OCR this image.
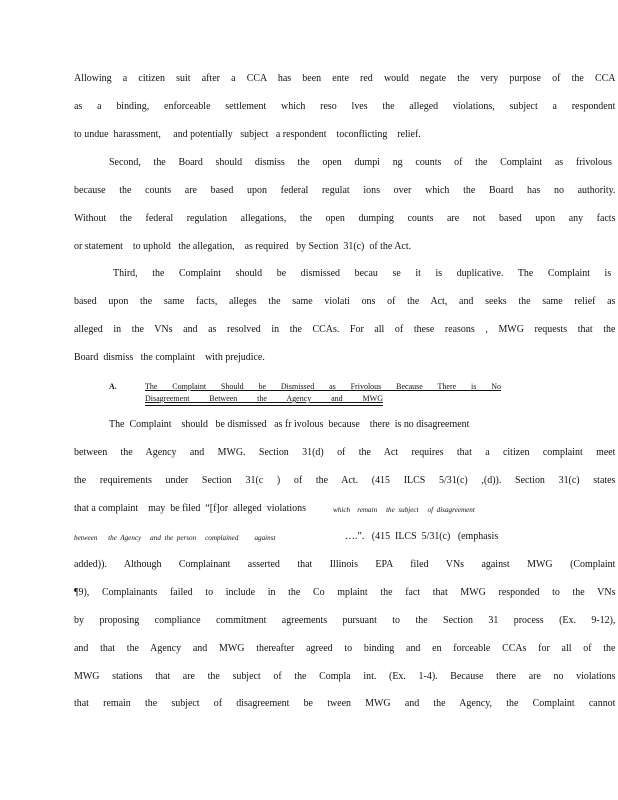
Allowing a citizen suit after a CCA has been ente red would negate the very purpose of the CCA
as a binding, enforceable settlement which reso lves the alleged violations, subject a respondent
to undue  harassment,     and potentially   subject   a respondent    toconflicting    relief.
Second, the Board should dismiss the open dumpi ng counts of the Complaint as frivolous
because the counts are based upon federal regulat ions over which the Board has no authority.
Without the federal regulation allegations, the open dumping counts are not based upon any facts
or statement    to uphold   the allegation,    as required   by Section  31(c)  of the Act.
Third, the Complaint should be dismissed becau se it is duplicative. The Complaint is
based upon the same facts, alleges the same violati ons of the Act, and seeks the same relief as
alleged in the VNs and as resolved in the CCAs. For all of these reasons , MWG requests that the
Board  dismiss   the complaint    with prejudice.
A.	The Complaint Should be Dismissed as Frivolous Because There is No
Disagreement Between the Agency and MWG
The  Complaint    should   be dismissed   as fr ivolous  because    there  is no disagreement
between the Agency and MWG. Section 31(d) of the Act requires that a citizen complaint meet
the requirements under Section 31(c ) of the Act. (415 ILCS 5/31(c) ,(d)). Section 31(c) states
that a complaint    may  be filed  “[f]or  alleged  violations	which    remain     the  subject     of  disagreement
between      the  Agency     and  the  person     complained         against	….”.   (415  ILCS  5/31(c)   (emphasis
added)). Although Complainant asserted that Illinois EPA filed VNs against MWG (Complaint
¶9), Complainants failed to include in the Co mplaint the fact that MWG responded to the VNs
by proposing compliance commitment agreements pursuant to the Section 31 process (Ex. 9-12),
and that the Agency and MWG thereafter agreed to binding and en forceable CCAs for all of the
MWG stations that are the subject of the Compla int. (Ex. 1-4). Because there are no violations
that remain the subject of disagreement be tween MWG and the Agency, the Complaint cannot
